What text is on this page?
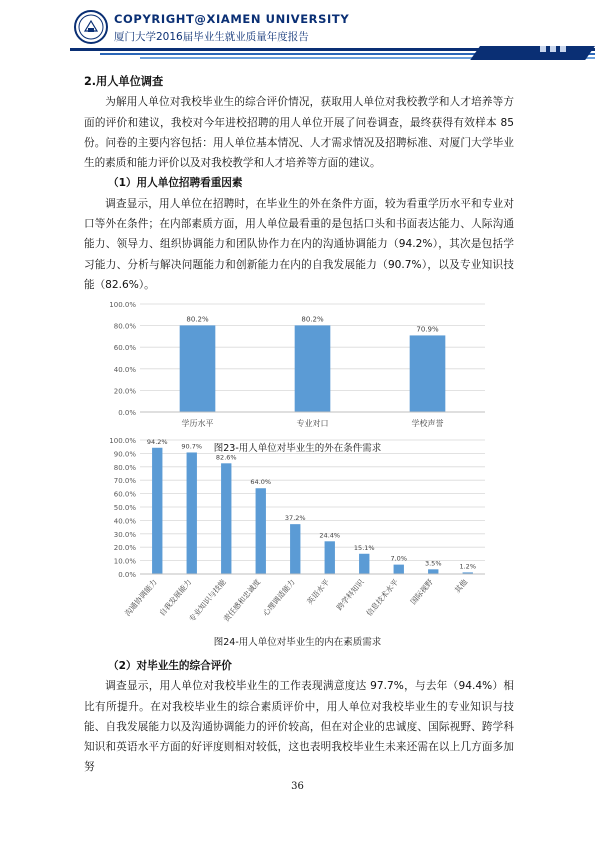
COPYRIGHT@XIAMEN UNIVERSITY
厦门大学2016届毕业生就业质量年度报告

2.用人单位调查

为解用人单位对我校毕业生的综合评价情况，获取用人单位对我校教学和人才培养等方面的评价和建议，我校对今年进校招聘的用人单位开展了问卷调查，最终获得有效样本 85份。问卷的主要内容包括：用人单位基本情况、人才需求情况及招聘标准、对厦门大学毕业生的素质和能力评价以及对我校教学和人才培养等方面的建议。

（1）用人单位招聘看重因素

调查显示，用人单位在招聘时，在毕业生的外在条件方面，较为看重学历水平和专业对口等外在条件；在内部素质方面，用人单位最看重的是包括口头和书面表达能力、人际沟通能力、领导力、组织协调能力和团队协作力在内的沟通协调能力（94.2%），其次是包括学习能力、分析与解决问题能力和创新能力在内的自我发展能力（90.7%），以及专业知识技能（82.6%）。

0.0%
20.0%
40.0%
60.0%
80.0%
100.0%
80.2%
学历水平
80.2%
专业对口
70.9%
学校声誉
图23-用人单位对毕业生的外在条件需求
0.0%
10.0%
20.0%
30.0%
40.0%
50.0%
60.0%
70.0%
80.0%
90.0%
100.0% 94.2%
沟通协调能力
90.7%
自我发展能力
82.6%
专业知识与技能
64.0%
责任感和忠诚度
37.2%
心理调适能力
24.4%
英语水平
15.1%
跨学科知识
7.0%
信息技术水平
3.5%
国际视野
1.2%
其他
图24-用人单位对毕业生的内在素质需求

（2）对毕业生的综合评价

调查显示，用人单位对我校毕业生的工作表现满意度达 97.7%，与去年（94.4%）相比有所提升。在对我校毕业生的综合素质评价中，用人单位对我校毕业生的专业知识与技能、自我发展能力以及沟通协调能力的评价较高，但在对企业的忠诚度、国际视野、跨学科知识和英语水平方面的好评度则相对较低，这也表明我校毕业生未来还需在以上几方面多加努

36
